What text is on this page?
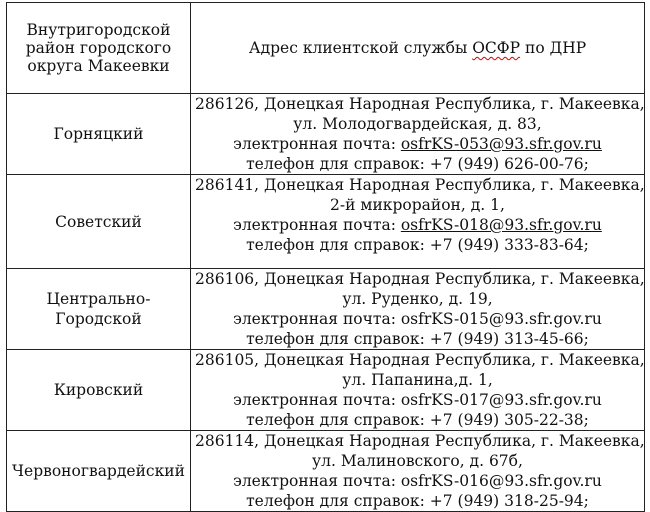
Внутригородской
район городского
округа Макеевки	Адрес клиентской службы ОСФР по ДНР
Горняцкий	286126, Донецкая Народная Республика, г. Макеевка,
ул. Молодогвардейская, д. 83,
электронная почта: osfrKS-053@93.sfr.gov.ru
телефон для справок: +7 (949) 626-00-76;

Советский	286141, Донецкая Народная Республика, г. Макеевка,
2-й микрорайон, д. 1,
электронная почта: osfrKS-018@93.sfr.gov.ru
телефон для справок: +7 (949) 333-83-64;

Центрально-
Городской	286106, Донецкая Народная Республика, г. Макеевка,
ул. Руденко, д. 19,
электронная почта: osfrKS-015@93.sfr.gov.ru
телефон для справок: +7 (949) 313-45-66;

Кировский	286105, Донецкая Народная Республика, г. Макеевка,
ул. Папанина,д. 1,
электронная почта: osfrKS-017@93.sfr.gov.ru
телефон для справок: +7 (949) 305-22-38;

Червоногвардейский	286114, Донецкая Народная Республика, г. Макеевка,
ул. Малиновского, д. 67б,
электронная почта: osfrKS-016@93.sfr.gov.ru
телефон для справок: +7 (949) 318-25-94;
